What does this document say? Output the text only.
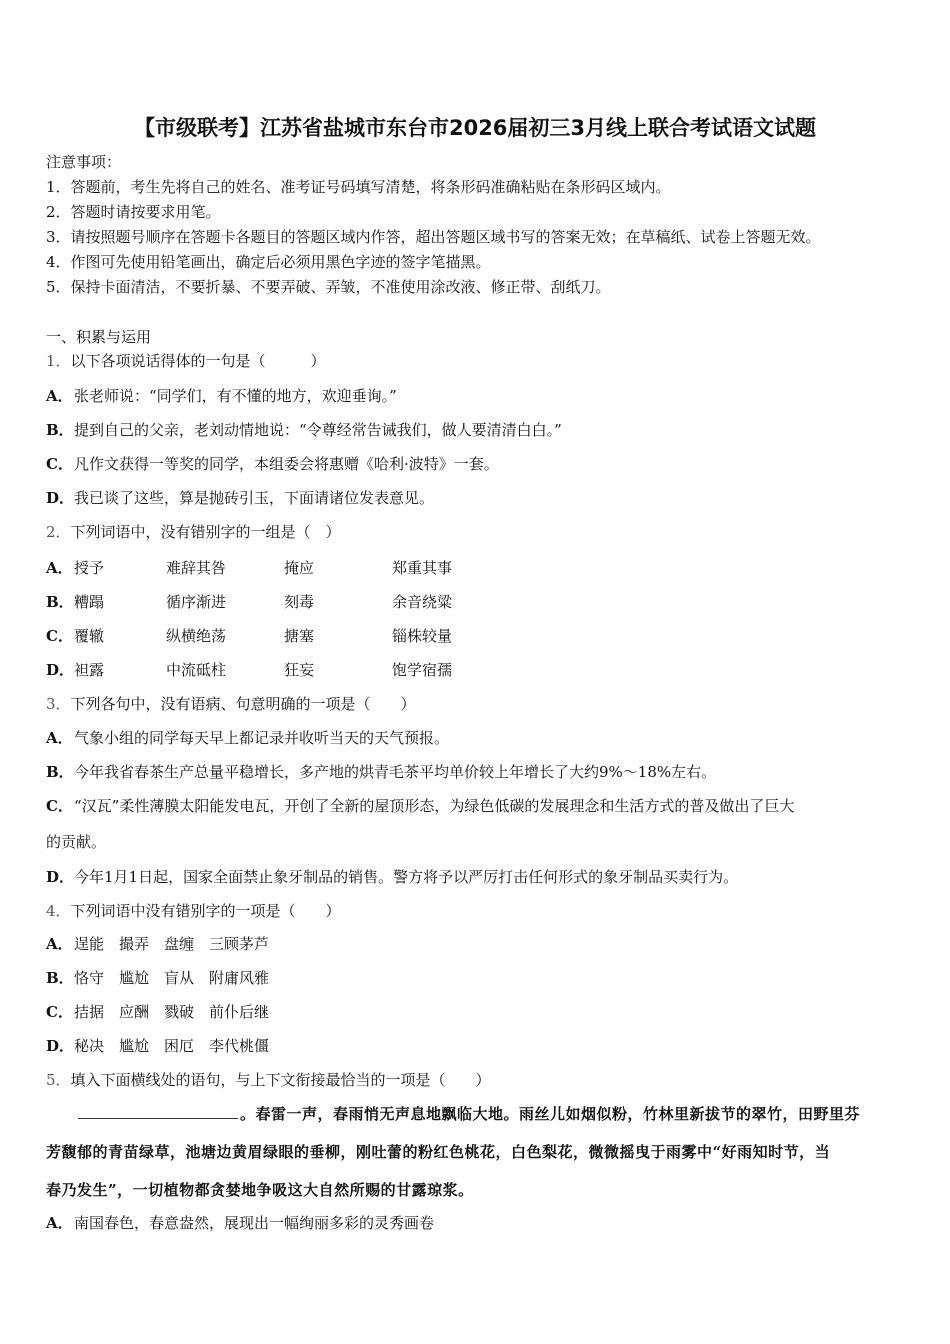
【市级联考】江苏省盐城市东台市2026届初三3月线上联合考试语文试题
注意事项：
1．答题前，考生先将自己的姓名、准考证号码填写清楚，将条形码准确粘贴在条形码区域内。
2．答题时请按要求用笔。
3．请按照题号顺序在答题卡各题目的答题区域内作答，超出答题区域书写的答案无效；在草稿纸、试卷上答题无效。
4．作图可先使用铅笔画出，确定后必须用黑色字迹的签字笔描黑。
5．保持卡面清洁，不要折暴、不要弄破、弄皱，不准使用涂改液、修正带、刮纸刀。
一、积累与运用
1．以下各项说话得体的一句是（　　　）
A．张老师说：“同学们，有不懂的地方，欢迎垂询。”
B．提到自己的父亲，老刘动情地说：“令尊经常告诫我们，做人要清清白白。”
C．凡作文获得一等奖的同学，本组委会将惠赠《哈利·波特》一套。
D．我已谈了这些，算是抛砖引玉，下面请诸位发表意见。
2．下列词语中，没有错别字的一组是（　）
A． 授予	难辞其咎	掩应	郑重其事
B． 糟蹋	循序渐进	刻毒	余音绕粱
C． 覆辙	纵横绝荡	搪塞	锱株较量
D． 袒露	中流砥柱	狂妄	饱学宿孺
3．下列各句中，没有语病、句意明确的一项是（　　）
A．气象小组的同学每天早上都记录并收听当天的天气预报。
B．今年我省春茶生产总量平稳增长，多产地的烘青毛茶平均单价较上年增长了大约9%～18%左右。
C．“汉瓦”柔性薄膜太阳能发电瓦，开创了全新的屋顶形态，为绿色低碳的发展理念和生活方式的普及做出了巨大
的贡献。
D．今年1月1日起，国家全面禁止象牙制品的销售。警方将予以严厉打击任何形式的象牙制品买卖行为。
4．下列词语中没有错别字的一项是（　　）
A．逞能　撮弄　盘缠　三顾茅芦
B．恪守　尴尬　盲从　附庸风雅
C．拮据　应酬　戮破　前仆后继
D．秘决　尴尬　困厄　李代桃僵
5．填入下面横线处的语句，与上下文衔接最恰当的一项是（　　）
。春雷一声，春雨悄无声息地飘临大地。雨丝儿如烟似粉，竹林里新拔节的翠竹，田野里芬
芳馥郁的青苗绿草，池塘边黄眉绿眼的垂柳，刚吐蕾的粉红色桃花，白色梨花，微微摇曳于雨雾中“好雨知时节，当
春乃发生”，一切植物都贪婪地争吸这大自然所赐的甘露琼浆。
A．南国春色，春意盎然，展现出一幅绚丽多彩的灵秀画卷
